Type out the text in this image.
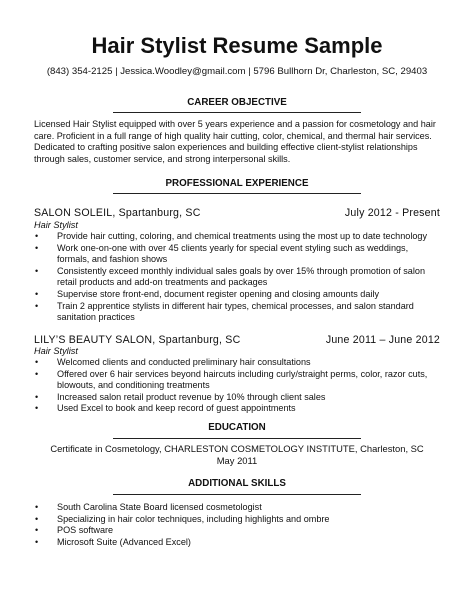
Hair Stylist Resume Sample
(843) 354-2125 | Jessica.Woodley@gmail.com | 5796 Bullhorn Dr, Charleston, SC, 29403
CAREER OBJECTIVE

Licensed Hair Stylist equipped with over 5 years experience and a passion for cosmetology and hair care. Proficient in a full range of high quality hair cutting, color, chemical, and thermal hair services. Dedicated to crafting positive salon experiences and building effective client-stylist relationships through sales, customer service, and strong interpersonal skills.

PROFESSIONAL EXPERIENCE
SALON SOLEIL, Spartanburg, SC	July 2012 - Present
Hair Stylist
• Provide hair cutting, coloring, and chemical treatments using the most up to date technology
• Work one-on-one with over 45 clients yearly for special event styling such as weddings, formals, and fashion shows
• Consistently exceed monthly individual sales goals by over 15% through promotion of salon retail products and add-on treatments and packages
• Supervise store front-end, document register opening and closing amounts daily
• Train 2 apprentice stylists in different hair types, chemical processes, and salon standard sanitation practices
LILY’S BEAUTY SALON, Spartanburg, SC	June 2011 – June 2012
Hair Stylist
• Welcomed clients and conducted preliminary hair consultations
• Offered over 6 hair services beyond haircuts including curly/straight perms, color, razor cuts, blowouts, and conditioning treatments
• Increased salon retail product revenue by 10% through client sales
• Used Excel to book and keep record of guest appointments
EDUCATION
Certificate in Cosmetology, CHARLESTON COSMETOLOGY INSTITUTE, Charleston, SC
May 2011
ADDITIONAL SKILLS
• South Carolina State Board licensed cosmetologist
• Specializing in hair color techniques, including highlights and ombre
• POS software
• Microsoft Suite (Advanced Excel)
